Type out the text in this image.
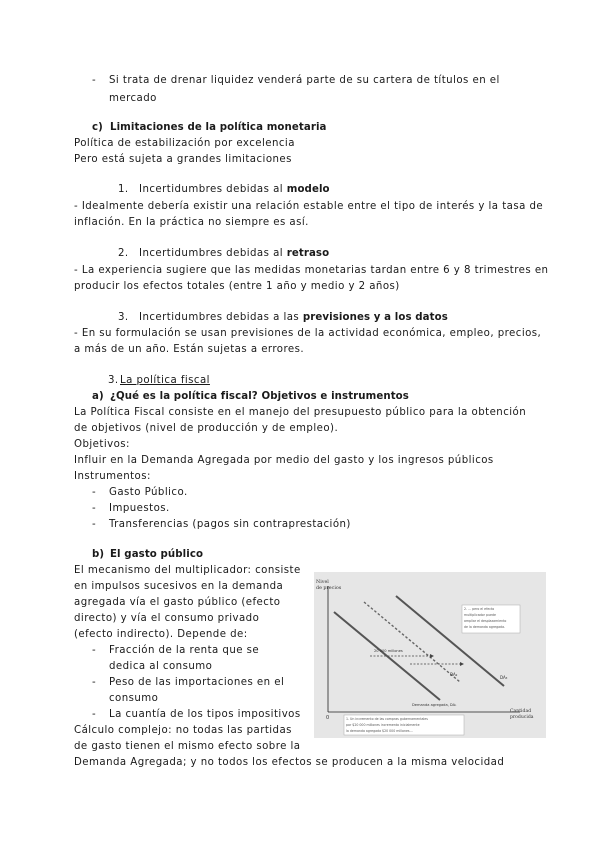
- Si trata de drenar liquidez venderá parte de su cartera de títulos en el
mercado
c) Limitaciones de la política monetaria
Política de estabilización por excelencia
Pero está sujeta a grandes limitaciones
1. Incertidumbres debidas al modelo
- Idealmente debería existir una relación estable entre el tipo de interés y la tasa de
inflación. En la práctica no siempre es así.
2. Incertidumbres debidas al retraso
- La experiencia sugiere que las medidas monetarias tardan entre 6 y 8 trimestres en
producir los efectos totales (entre 1 año y medio y 2 años)
3. Incertidumbres debidas a las previsiones y a los datos
- En su formulación se usan previsiones de la actividad económica, empleo, precios,
a más de un año. Están sujetas a errores.
3. La política fiscal
a) ¿Qué es la política fiscal? Objetivos e instrumentos
La Política Fiscal consiste en el manejo del presupuesto público para la obtención
de objetivos (nivel de producción y de empleo).
Objetivos:
Influir en la Demanda Agregada por medio del gasto y los ingresos públicos
Instrumentos:
- Gasto Público.
- Impuestos.
- Transferencias (pagos sin contraprestación)
b) El gasto público
El mecanismo del multiplicador: consiste
en impulsos sucesivos en la demanda
agregada vía el gasto público (efecto
directo) y vía el consumo privado
(efecto indirecto). Depende de:
- Fracción de la renta que se
dedica al consumo
- Peso de las importaciones en el
consumo
- La cuantía de los tipos impositivos
Cálculo complejo: no todas las partidas
de gasto tienen el mismo efecto sobre la
Demanda Agregada; y no todos los efectos se producen a la misma velocidad
Nivel
de precios
0
Cantidad
producida
2. ... pero el efecto
multiplicador puede
ampliar el desplazamiento
de la demanda agregada.
20 000 millones
DA₃
DA₂
Demanda agregada, DA₁
1. Un incremento de las compras gubernamentales
por $20 000 millones incrementa inicialmente
la demanda agregada $20 000 millones...
